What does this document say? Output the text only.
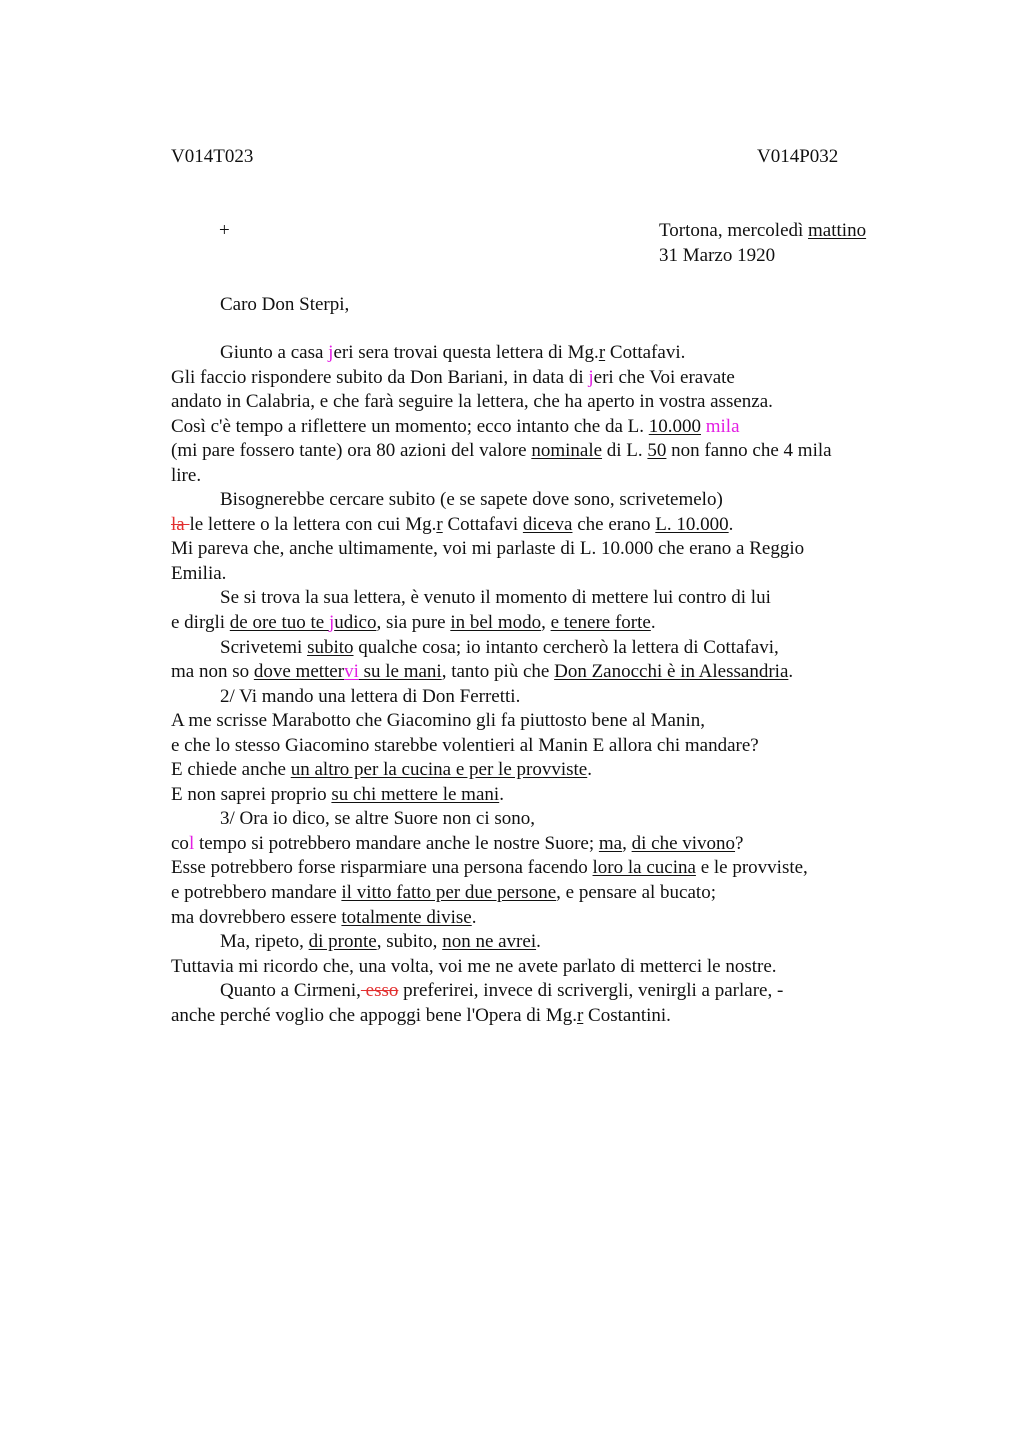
V014T023	V014P032
+	Tortona, mercoledì mattino
31 Marzo 1920
Caro Don Sterpi,
Giunto a casa jeri sera trovai questa lettera di Mg.r Cottafavi.
Gli faccio rispondere subito da Don Bariani, in data di jeri che Voi eravate
andato in Calabria, e che farà seguire la lettera, che ha aperto in vostra assenza.
Così c'è tempo a riflettere un momento; ecco intanto che da L. 10.000 mila
(mi pare fossero tante) ora 80 azioni del valore nominale di L. 50 non fanno che 4 mila
lire.
Bisognerebbe cercare subito (e se sapete dove sono, scrivetemelo)
la le lettere o la lettera con cui Mg.r Cottafavi diceva che erano L. 10.000.
Mi pareva che, anche ultimamente, voi mi parlaste di L. 10.000 che erano a Reggio
Emilia.
Se si trova la sua lettera, è venuto il momento di mettere lui contro di lui
e dirgli de ore tuo te judico, sia pure in bel modo, e tenere forte.
Scrivetemi subito qualche cosa; io intanto cercherò la lettera di Cottafavi,
ma non so dove mettervi su le mani, tanto più che Don Zanocchi è in Alessandria.
2/ Vi mando una lettera di Don Ferretti.
A me scrisse Marabotto che Giacomino gli fa piuttosto bene al Manin,
e che lo stesso Giacomino starebbe volentieri al Manin E allora chi mandare?
E chiede anche un altro per la cucina e per le provviste.
E non saprei proprio su chi mettere le mani.
3/ Ora io dico, se altre Suore non ci sono,
col tempo si potrebbero mandare anche le nostre Suore; ma, di che vivono?
Esse potrebbero forse risparmiare una persona facendo loro la cucina e le provviste,
e potrebbero mandare il vitto fatto per due persone, e pensare al bucato;
ma dovrebbero essere totalmente divise.
Ma, ripeto, di pronte, subito, non ne avrei.
Tuttavia mi ricordo che, una volta, voi me ne avete parlato di metterci le nostre.
Quanto a Cirmeni, esso preferirei, invece di scrivergli, venirgli a parlare, -
anche perché voglio che appoggi bene l'Opera di Mg.r Costantini.
